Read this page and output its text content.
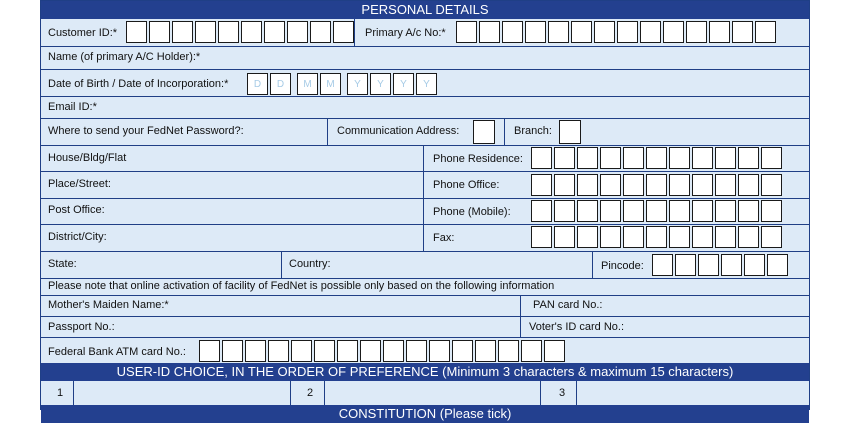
PERSONAL DETAILS
Customer ID:*	Primary A/c No:*
Name (of primary A/C Holder):*
Date of Birth / Date of Incorporation:*	D	D	M	M	Y	Y	Y	Y
Email ID:*
Where to send your FedNet Password?:	Communication Address:	Branch:
House/Bldg/Flat	Phone Residence:
Place/Street:	Phone Office:
Post Office:	Phone (Mobile):
District/City:	Fax:
State:	Country:	Pincode:
Please note that online activation of facility of FedNet is possible only based on the following information
Mother's Maiden Name:*	PAN card No.:
Passport No.:	Voter's ID card No.:
Federal Bank ATM card No.:
USER-ID CHOICE, IN THE ORDER OF PREFERENCE (Minimum 3 characters & maximum 15 characters)
1	2	3
CONSTITUTION (Please tick)
